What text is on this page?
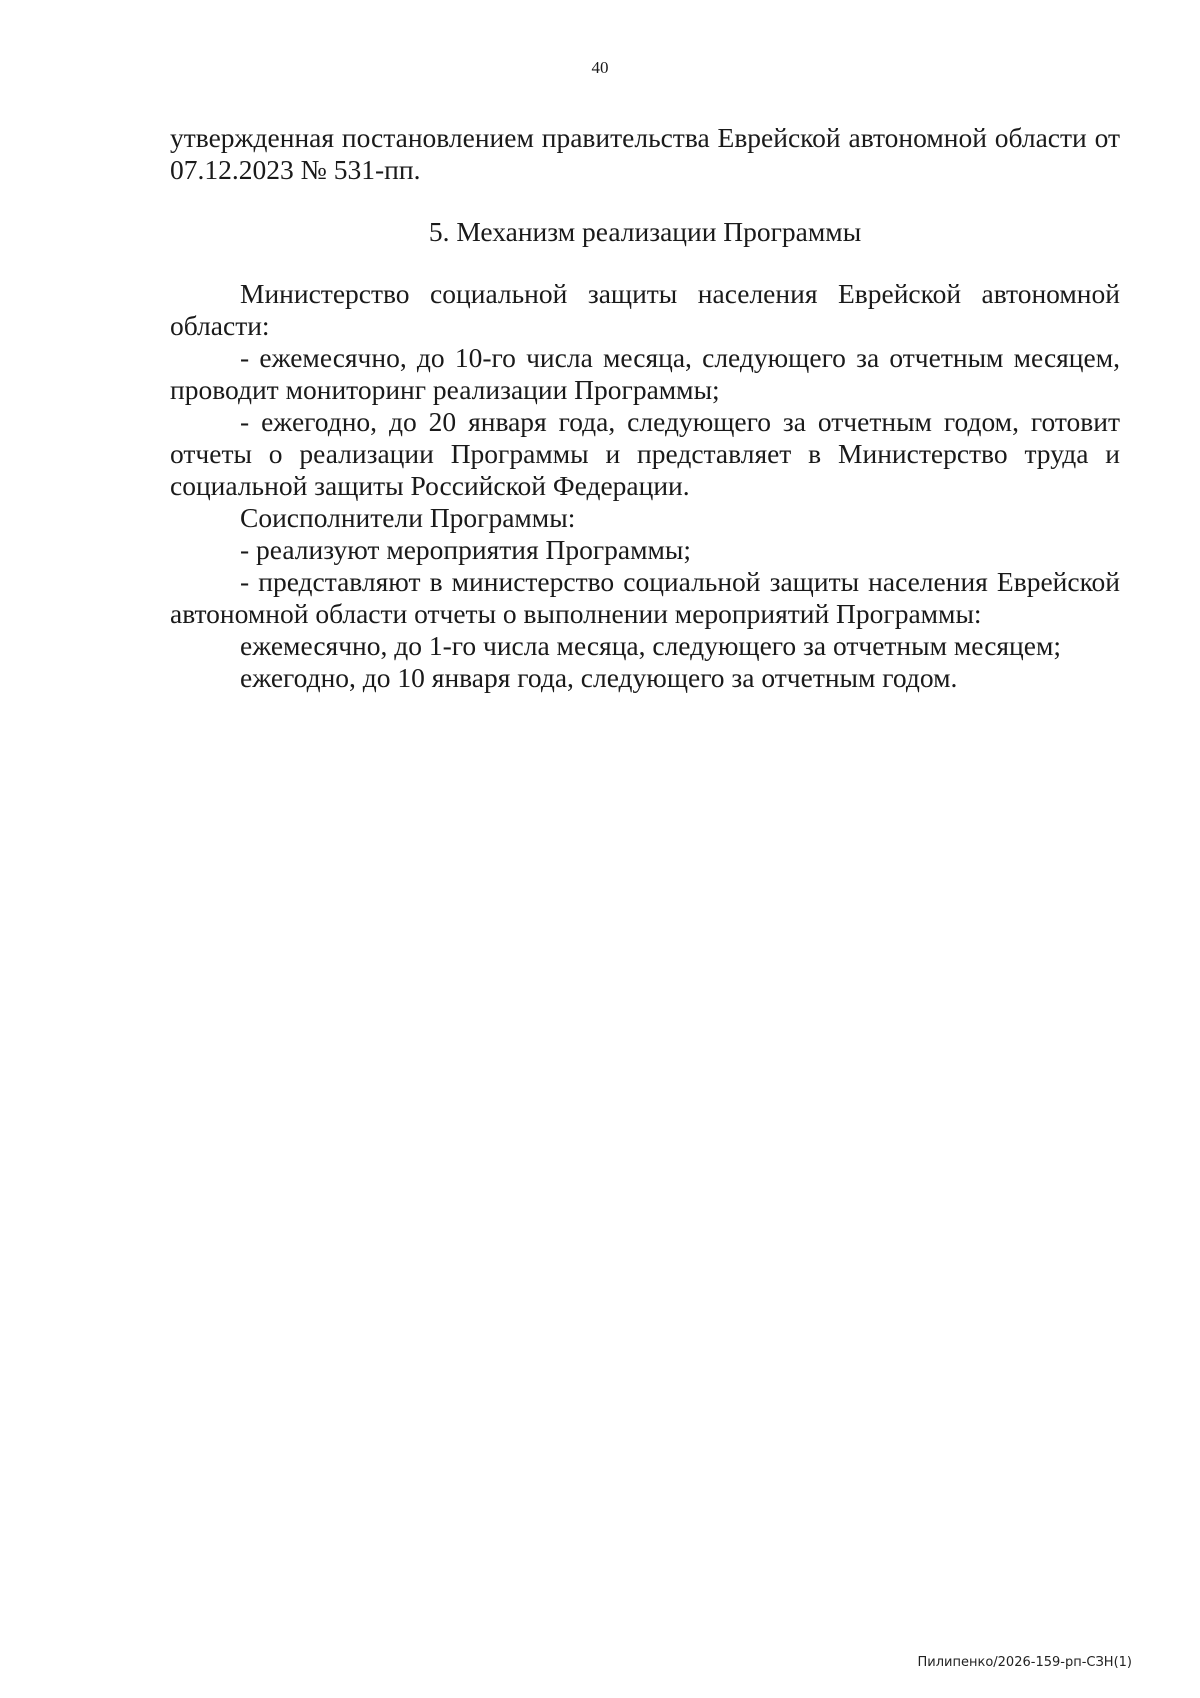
40

утвержденная постановлением правительства Еврейской автономной области от 07.12.2023 № 531-пп.

5. Механизм реализации Программы

Министерство социальной защиты населения Еврейской автономной области:

- ежемесячно, до 10-го числа месяца, следующего за отчетным месяцем, проводит мониторинг реализации Программы;

- ежегодно, до 20 января года, следующего за отчетным годом, готовит отчеты о реализации Программы и представляет в Министерство труда и социальной защиты Российской Федерации.

Соисполнители Программы:

- реализуют мероприятия Программы;

- представляют в министерство социальной защиты населения Еврейской автономной области отчеты о выполнении мероприятий Программы:

ежемесячно, до 1-го числа месяца, следующего за отчетным месяцем;

ежегодно, до 10 января года, следующего за отчетным годом.

Пилипенко/2026-159-рп-СЗН(1)
